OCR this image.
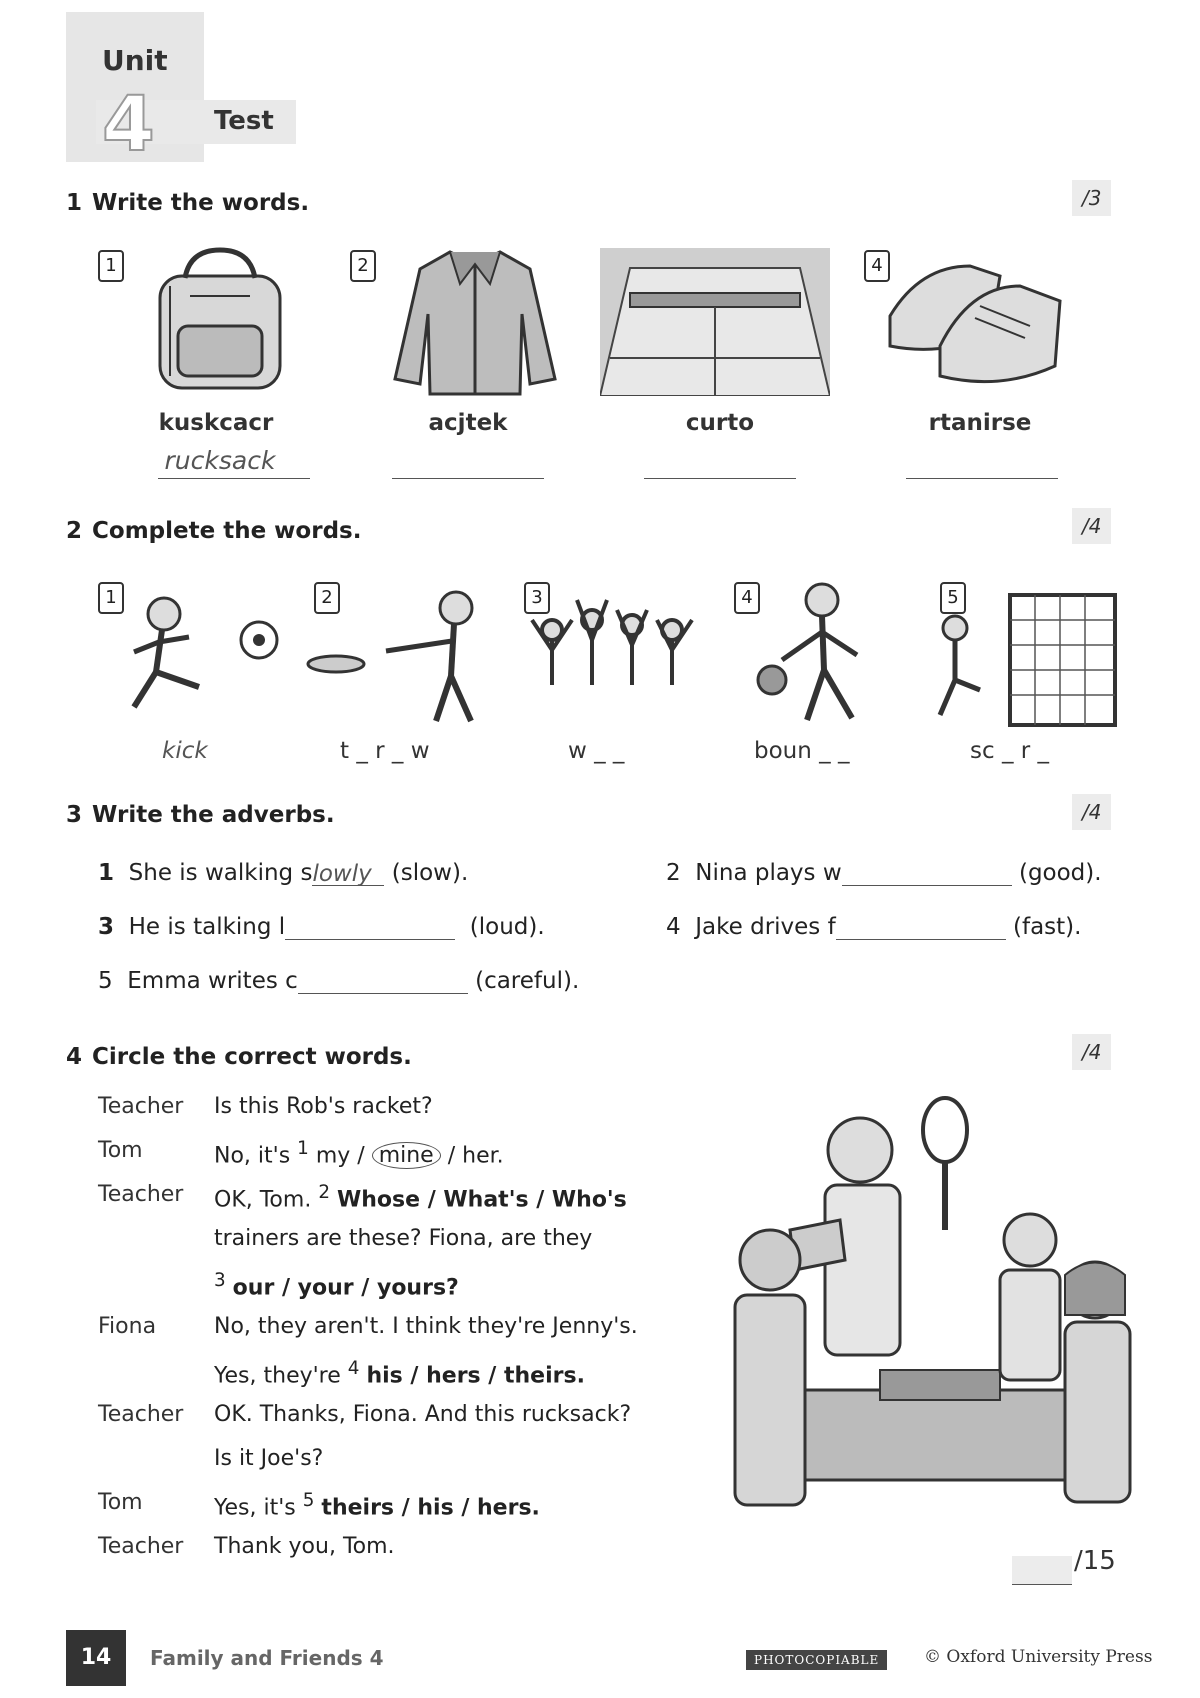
Unit
4 Test
1 Write the words.	/3
1	2	4
kuskcacr	acjtek	curto	rtanirse
rucksack
2 Complete the words.	/4
1	2	3	4	5
kick	t _ r _ w	w _ _	boun _ _	sc _ r _
3 Write the adverbs.	/4
1 She is walking slowly (slow).	2 Nina plays w	(good).
3 He is talking l	(loud).	4 Jake drives f	(fast).
5 Emma writes c	(careful).
4 Circle the correct words.	/4
Teacher	Is this Rob's racket?
Tom	No, it's $^1$ my / mine / her.
Teacher	OK, Tom. $^2$ Whose / What's / Who's
trainers are these? Fiona, are they
$^3$ our / your / yours?
Fiona	No, they aren't. I think they're Jenny's.
Yes, they're $^4$ his / hers / theirs.
Teacher	OK. Thanks, Fiona. And this rucksack?
Is it Joe's?
Tom	Yes, it's $^5$ theirs / his / hers.
Teacher	Thank you, Tom.	/15
14	Family and Friends 4	PHOTOCOPIABLE	© Oxford University Press
